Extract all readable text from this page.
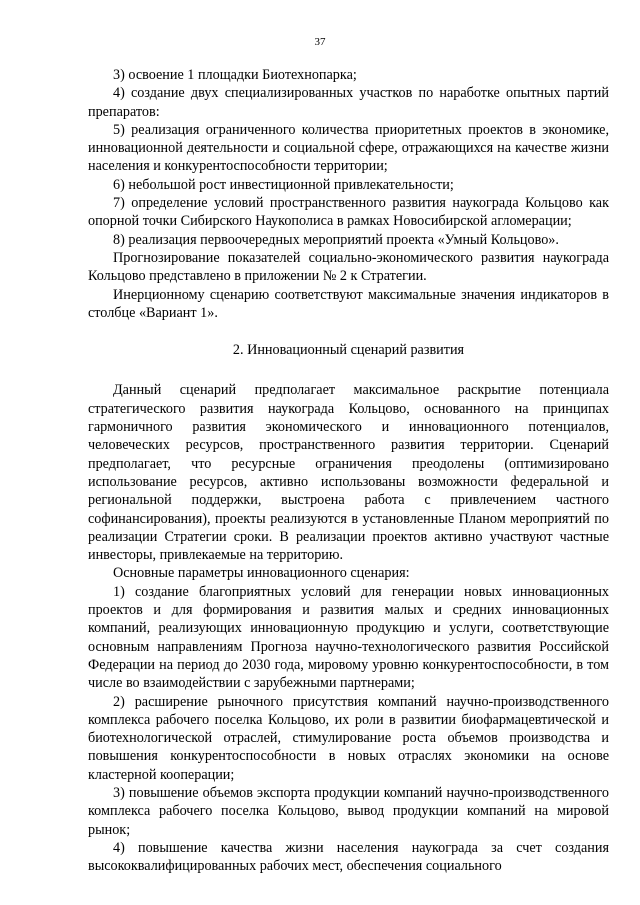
37

3) освоение 1 площадки Биотехнопарка;

4) создание двух специализированных участков по наработке опытных партий препаратов:

5) реализация ограниченного количества приоритетных проектов в экономике, инновационной деятельности и социальной сфере, отражающихся на качестве жизни населения и конкурентоспособности территории;

6) небольшой рост инвестиционной привлекательности;

7) определение условий пространственного развития наукограда Кольцово как опорной точки Сибирского Наукополиса в рамках Новосибирской агломерации;

8) реализация первоочередных мероприятий проекта «Умный Кольцово».

Прогнозирование показателей социально-экономического развития наукограда Кольцово представлено в приложении № 2 к Стратегии.

Инерционному сценарию соответствуют максимальные значения индикаторов в столбце «Вариант 1».

2. Инновационный сценарий развития

Данный сценарий предполагает максимальное раскрытие потенциала стратегического развития наукограда Кольцово, основанного на принципах гармоничного развития экономического и инновационного потенциалов, человеческих ресурсов, пространственного развития территории. Сценарий предполагает, что ресурсные ограничения преодолены (оптимизировано использование ресурсов, активно использованы возможности федеральной и региональной поддержки, выстроена работа с привлечением частного софинансирования), проекты реализуются в установленные Планом мероприятий по реализации Стратегии сроки. В реализации проектов активно участвуют частные инвесторы, привлекаемые на территорию.

Основные параметры инновационного сценария:

1) создание благоприятных условий для генерации новых инновационных проектов и для формирования и развития малых и средних инновационных компаний, реализующих инновационную продукцию и услуги, соответствующие основным направлениям Прогноза научно-технологического развития Российской Федерации на период до 2030 года, мировому уровню конкурентоспособности, в том числе во взаимодействии с зарубежными партнерами;

2) расширение рыночного присутствия компаний научно-производственного комплекса рабочего поселка Кольцово, их роли в развитии биофармацевтической и биотехнологической отраслей, стимулирование роста объемов производства и повышения конкурентоспособности в новых отраслях экономики на основе кластерной кооперации;

3) повышение объемов экспорта продукции компаний научно-производственного комплекса рабочего поселка Кольцово, вывод продукции компаний на мировой рынок;

4) повышение качества жизни населения наукограда за счет создания высококвалифицированных рабочих мест, обеспечения социального
